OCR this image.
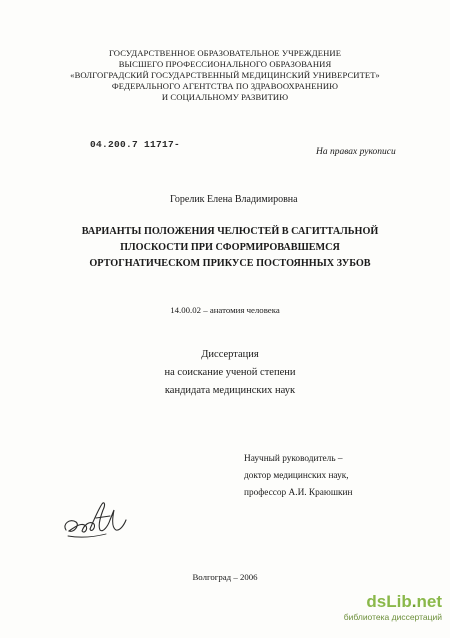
ГОСУДАРСТВЕННОЕ ОБРАЗОВАТЕЛЬНОЕ УЧРЕЖДЕНИЕ
ВЫСШЕГО ПРОФЕССИОНАЛЬНОГО ОБРАЗОВАНИЯ
«ВОЛГОГРАДСКИЙ ГОСУДАРСТВЕННЫЙ МЕДИЦИНСКИЙ УНИВЕРСИТЕТ»
ФЕДЕРАЛЬНОГО АГЕНТСТВА ПО ЗДРАВООХРАНЕНИЮ
И СОЦИАЛЬНОМУ РАЗВИТИЮ
04.200.7 11717-
На правах рукописи
Горелик Елена Владимировна
ВАРИАНТЫ ПОЛОЖЕНИЯ ЧЕЛЮСТЕЙ В САГИТТАЛЬНОЙ
ПЛОСКОСТИ ПРИ СФОРМИРОВАВШЕМСЯ
ОРТОГНАТИЧЕСКОМ ПРИКУСЕ ПОСТОЯННЫХ ЗУБОВ
14.00.02 – анатомия человека
Диссертация
на соискание ученой степени
кандидата медицинских наук
Научный руководитель –
доктор медицинских наук,
профессор А.И. Краюшкин
Волгоград – 2006
dsLib.net
библиотека диссертаций
